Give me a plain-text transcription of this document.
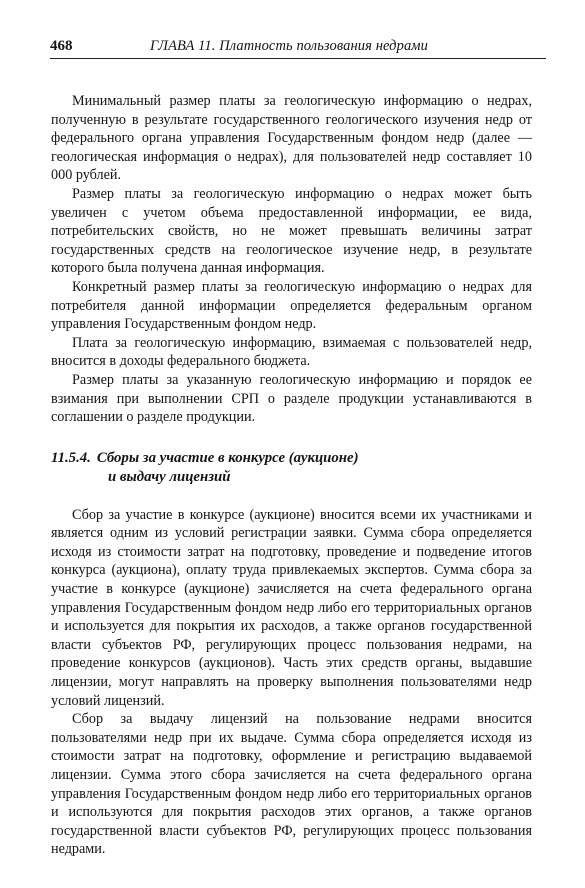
468	ГЛАВА 11. Платность пользования недрами

Минимальный размер платы за геологическую информацию о недрах, полученную в результате государственного геологического изучения недр от федерального органа управления Государственным фондом недр (далее — геологическая информация о недрах), для пользователей недр составляет 10 000 рублей.

Размер платы за геологическую информацию о недрах может быть увеличен с учетом объема предоставленной информации, ее вида, потребительских свойств, но не может превышать величины затрат государственных средств на геологическое изучение недр, в результате которого была получена данная информация.

Конкретный размер платы за геологическую информацию о недрах для потребителя данной информации определяется федеральным органом управления Государственным фондом недр.

Плата за геологическую информацию, взимаемая с пользователей недр, вносится в доходы федерального бюджета.

Размер платы за указанную геологическую информацию и порядок ее взимания при выполнении СРП о разделе продукции устанавливаются в соглашении о разделе продукции.

11.5.4. Сборы за участие в конкурсе (аукционе)
и выдачу лицензий

Сбор за участие в конкурсе (аукционе) вносится всеми их участниками и является одним из условий регистрации заявки. Сумма сбора определяется исходя из стоимости затрат на подготовку, проведение и подведение итогов конкурса (аукциона), оплату труда привлекаемых экспертов. Сумма сбора за участие в конкурсе (аукционе) зачисляется на счета федерального органа управления Государственным фондом недр либо его территориальных органов и используется для покрытия их расходов, а также органов государственной власти субъектов РФ, регулирующих процесс пользования недрами, на проведение конкурсов (аукционов). Часть этих средств органы, выдавшие лицензии, могут направлять на проверку выполнения пользователями недр условий лицензий.

Сбор за выдачу лицензий на пользование недрами вносится пользователями недр при их выдаче. Сумма сбора определяется исходя из стоимости затрат на подготовку, оформление и регистрацию выдаваемой лицензии. Сумма этого сбора зачисляется на счета федерального органа управления Государственным фондом недр либо его территориальных органов и используются для покрытия расходов этих органов, а также органов государственной власти субъектов РФ, регулирующих процесс пользования недрами.
